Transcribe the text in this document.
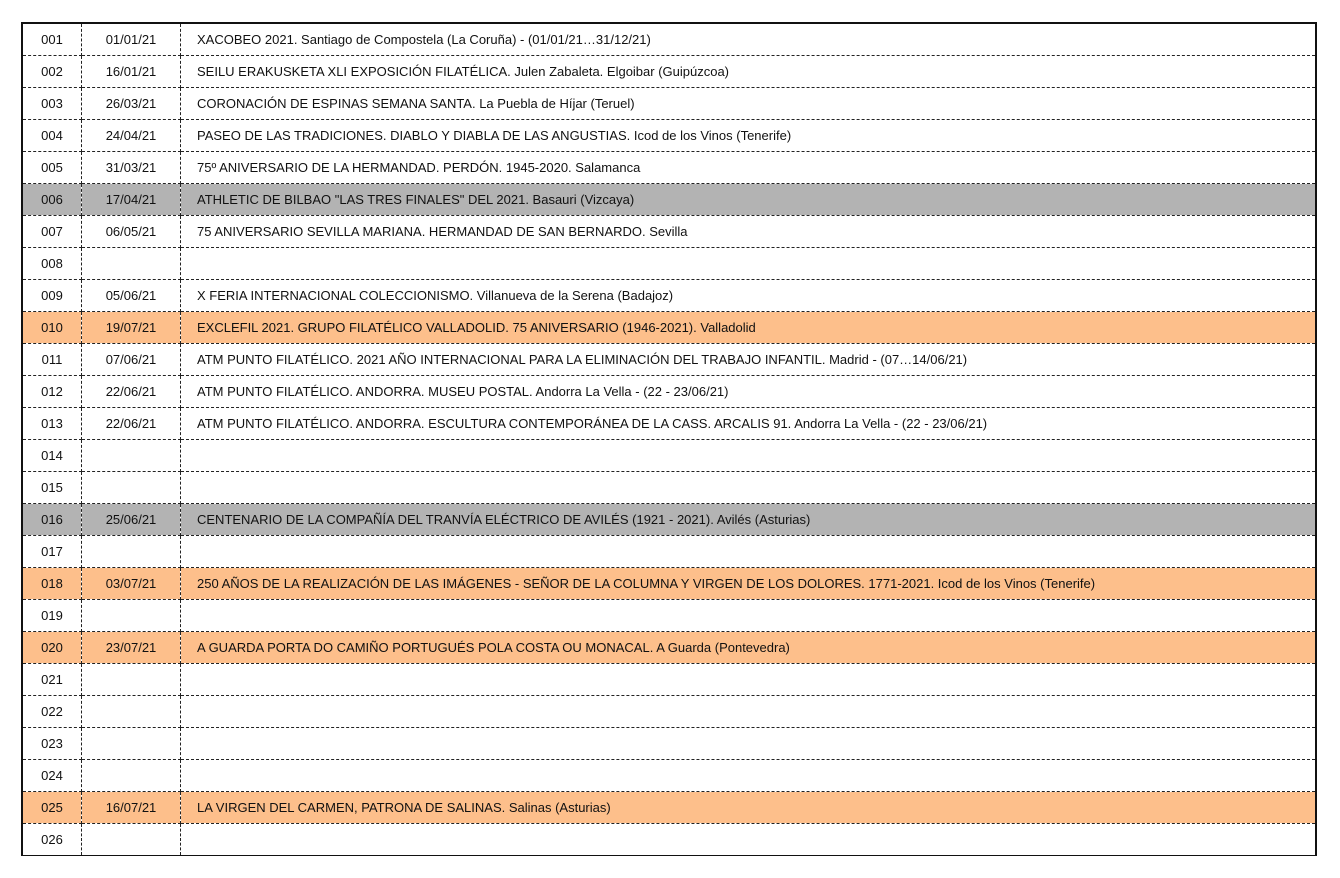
001	01/01/21	XACOBEO 2021. Santiago de Compostela (La Coruña) - (01/01/21…31/12/21)
002	16/01/21	SEILU ERAKUSKETA XLI EXPOSICIÓN FILATÉLICA. Julen Zabaleta. Elgoibar (Guipúzcoa)
003	26/03/21	CORONACIÓN DE ESPINAS SEMANA SANTA. La Puebla de Híjar (Teruel)
004	24/04/21	PASEO DE LAS TRADICIONES. DIABLO Y DIABLA DE LAS ANGUSTIAS. Icod de los Vinos (Tenerife)
005	31/03/21	75º ANIVERSARIO DE LA HERMANDAD. PERDÓN. 1945-2020. Salamanca
006	17/04/21	ATHLETIC DE BILBAO "LAS TRES FINALES" DEL 2021. Basauri (Vizcaya)
007	06/05/21	75 ANIVERSARIO SEVILLA MARIANA. HERMANDAD DE SAN BERNARDO. Sevilla
008		
009	05/06/21	X FERIA INTERNACIONAL COLECCIONISMO. Villanueva de la Serena (Badajoz)
010	19/07/21	EXCLEFIL 2021. GRUPO FILATÉLICO VALLADOLID. 75 ANIVERSARIO (1946-2021). Valladolid
011	07/06/21	ATM PUNTO FILATÉLICO. 2021 AÑO INTERNACIONAL PARA LA ELIMINACIÓN DEL TRABAJO INFANTIL. Madrid - (07…14/06/21)
012	22/06/21	ATM PUNTO FILATÉLICO. ANDORRA. MUSEU POSTAL. Andorra La Vella - (22 - 23/06/21)
013	22/06/21	ATM PUNTO FILATÉLICO. ANDORRA. ESCULTURA CONTEMPORÁNEA DE LA CASS. ARCALIS 91. Andorra La Vella - (22 - 23/06/21)
014		
015		
016	25/06/21	CENTENARIO DE LA COMPAÑÍA DEL TRANVÍA ELÉCTRICO DE AVILÉS (1921 - 2021). Avilés (Asturias)
017		
018	03/07/21	250 AÑOS DE LA REALIZACIÓN DE LAS IMÁGENES - SEÑOR DE LA COLUMNA Y VIRGEN DE LOS DOLORES. 1771-2021. Icod de los Vinos (Tenerife)
019		
020	23/07/21	A GUARDA PORTA DO CAMIÑO PORTUGUÉS POLA COSTA OU MONACAL. A Guarda (Pontevedra)
021		
022		
023		
024		
025	16/07/21	LA VIRGEN DEL CARMEN, PATRONA DE SALINAS. Salinas (Asturias)
026		
